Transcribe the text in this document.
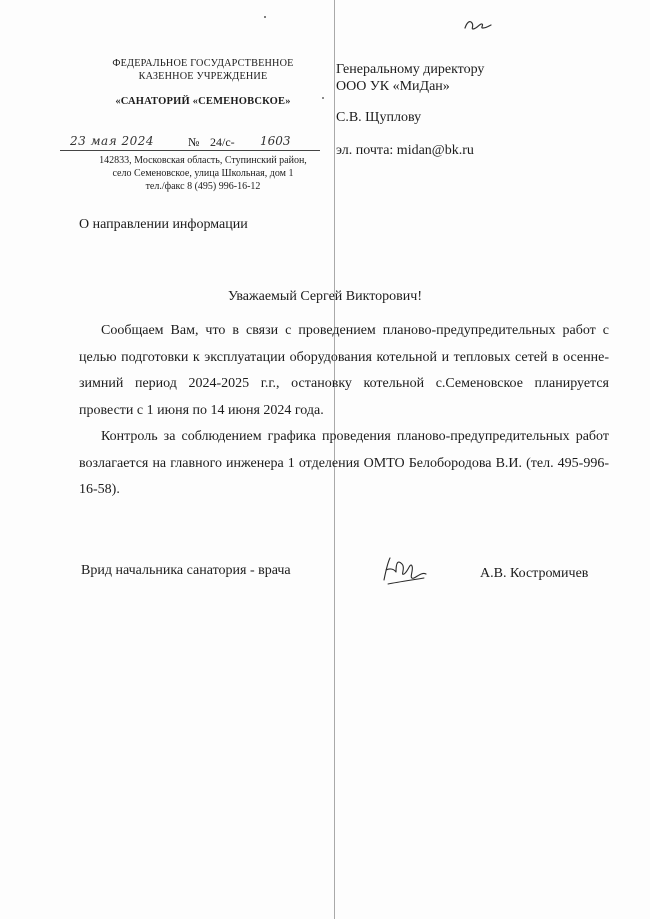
ФЕДЕРАЛЬНОЕ ГОСУДАРСТВЕННОЕ
КАЗЕННОЕ УЧРЕЖДЕНИЕ
«САНАТОРИЙ «СЕМЕНОВСКОЕ»
23 мая 2024	№ 24/с- 1603
142833, Московская область, Ступинский район,
село Семеновское, улица Школьная, дом 1
тел./факс 8 (495) 996-16-12
Генеральному директору
ООО УК «МиДан»
С.В. Щуплову
эл. почта: midan@bk.ru
О направлении информации
Уважаемый Сергей Викторович!

Сообщаем Вам, что в связи с проведением планово-предупредительных работ с целью подготовки к эксплуатации оборудования котельной и тепловых сетей в осенне-зимний период 2024-2025 г.г., остановку котельной с.Семеновское планируется провести с 1 июня по 14 июня 2024 года.

Контроль за соблюдением графика проведения планово-предупредительных работ возлагается на главного инженера 1 отделения ОМТО Белобородова В.И. (тел. 495-996-16-58).

Врид начальника санатория - врача	А.В. Костромичев
